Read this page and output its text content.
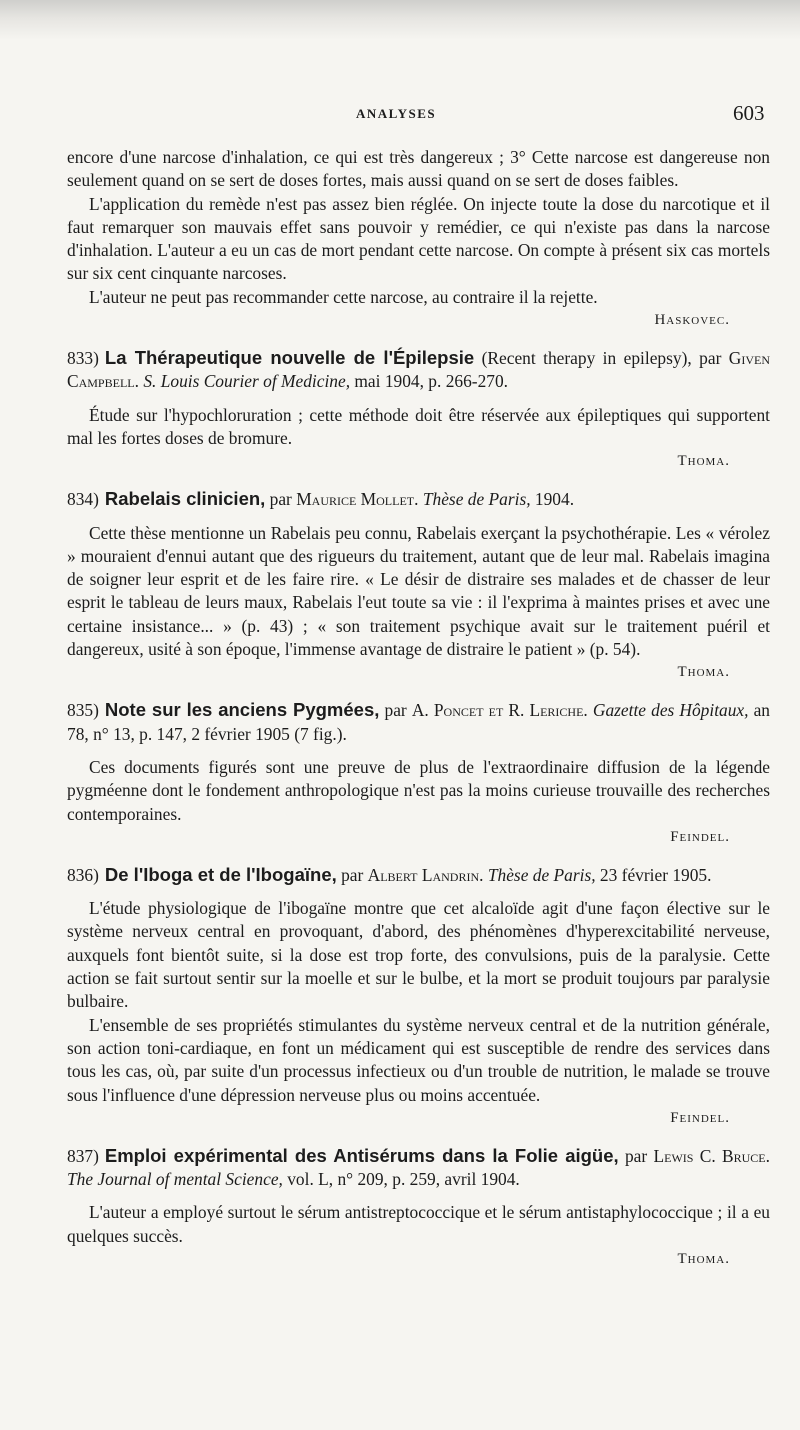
ANALYSES	603

encore d'une narcose d'inhalation, ce qui est très dangereux ; 3° Cette narcose est dangereuse non seulement quand on se sert de doses fortes, mais aussi quand on se sert de doses faibles.

L'application du remède n'est pas assez bien réglée. On injecte toute la dose du narcotique et il faut remarquer son mauvais effet sans pouvoir y remédier, ce qui n'existe pas dans la narcose d'inhalation. L'auteur a eu un cas de mort pendant cette narcose. On compte à présent six cas mortels sur six cent cinquante narcoses.

L'auteur ne peut pas recommander cette narcose, au contraire il la rejette.

Haskovec.
833) La Thérapeutique nouvelle de l'Épilepsie (Recent therapy in epilepsy), par Given Campbell. S. Louis Courier of Medicine, mai 1904, p. 266-270.

Étude sur l'hypochloruration ; cette méthode doit être réservée aux épileptiques qui supportent mal les fortes doses de bromure.

Thoma.
834) Rabelais clinicien, par Maurice Mollet. Thèse de Paris, 1904.

Cette thèse mentionne un Rabelais peu connu, Rabelais exerçant la psychothérapie. Les « vérolez » mouraient d'ennui autant que des rigueurs du traitement, autant que de leur mal. Rabelais imagina de soigner leur esprit et de les faire rire. « Le désir de distraire ses malades et de chasser de leur esprit le tableau de leurs maux, Rabelais l'eut toute sa vie : il l'exprima à maintes prises et avec une certaine insistance... » (p. 43) ; « son traitement psychique avait sur le traitement puéril et dangereux, usité à son époque, l'immense avantage de distraire le patient » (p. 54).

Thoma.
835) Note sur les anciens Pygmées, par A. Poncet et R. Leriche. Gazette des Hôpitaux, an 78, n° 13, p. 147, 2 février 1905 (7 fig.).

Ces documents figurés sont une preuve de plus de l'extraordinaire diffusion de la légende pygméenne dont le fondement anthropologique n'est pas la moins curieuse trouvaille des recherches contemporaines.

Feindel.
836) De l'Iboga et de l'Ibogaïne, par Albert Landrin. Thèse de Paris, 23 février 1905.

L'étude physiologique de l'ibogaïne montre que cet alcaloïde agit d'une façon élective sur le système nerveux central en provoquant, d'abord, des phénomènes d'hyperexcitabilité nerveuse, auxquels font bientôt suite, si la dose est trop forte, des convulsions, puis de la paralysie. Cette action se fait surtout sentir sur la moelle et sur le bulbe, et la mort se produit toujours par paralysie bulbaire.

L'ensemble de ses propriétés stimulantes du système nerveux central et de la nutrition générale, son action toni-cardiaque, en font un médicament qui est susceptible de rendre des services dans tous les cas, où, par suite d'un processus infectieux ou d'un trouble de nutrition, le malade se trouve sous l'influence d'une dépression nerveuse plus ou moins accentuée.

Feindel.
837) Emploi expérimental des Antisérums dans la Folie aigüe, par Lewis C. Bruce. The Journal of mental Science, vol. L, n° 209, p. 259, avril 1904.

L'auteur a employé surtout le sérum antistreptococcique et le sérum antistaphylococcique ; il a eu quelques succès.

Thoma.
